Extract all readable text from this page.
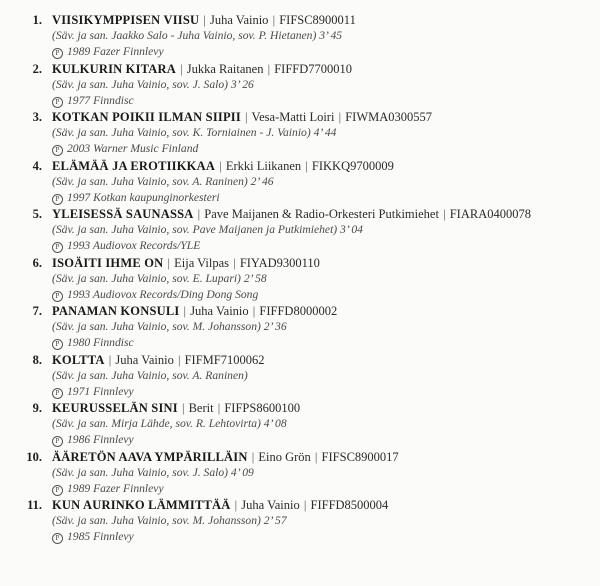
1. VIISIKYMPPISEN VIISU | Juha Vainio | FIFSC8900011
(Säv. ja san. Jaakko Salo - Juha Vainio, sov. P. Hietanen) 3’ 45
P 1989 Fazer Finnlevy
2. KULKURIN KITARA | Jukka Raitanen | FIFFD7700010
(Säv. ja san. Juha Vainio, sov. J. Salo) 3’ 26
P 1977 Finndisc
3. KOTKAN POIKII ILMAN SIIPII | Vesa-Matti Loiri | FIWMA0300557
(Säv. ja san. Juha Vainio, sov. K. Torniainen - J. Vainio) 4’ 44
P 2003 Warner Music Finland
4. ELÄMÄÄ JA EROTIIKKAA | Erkki Liikanen | FIKKQ9700009
(Säv. ja san. Juha Vainio, sov. A. Raninen) 2’ 46
P 1997 Kotkan kaupunginorkesteri
5. YLEISESSÄ SAUNASSA | Pave Maijanen & Radio-Orkesteri Putkimiehet | FIARA0400078
(Säv. ja san. Juha Vainio, sov. Pave Maijanen ja Putkimiehet) 3’ 04
P 1993 Audiovox Records/YLE
6. ISOÄITI IHME ON | Eija Vilpas | FIYAD9300110
(Säv. ja san. Juha Vainio, sov. E. Lupari) 2’ 58
P 1993 Audiovox Records/Ding Dong Song
7. PANAMAN KONSULI | Juha Vainio | FIFFD8000002
(Säv. ja san. Juha Vainio, sov. M. Johansson) 2’ 36
P 1980 Finndisc
8. KOLTTA | Juha Vainio | FIFMF7100062
(Säv. ja san. Juha Vainio, sov. A. Raninen)
P 1971 Finnlevy
9. KEURUSSELÄN SINI | Berit | FIFPS8600100
(Säv. ja san. Mirja Lähde, sov. R. Lehtovirta) 4’ 08
P 1986 Finnlevy
10. ÄÄRETÖN AAVA YMPÄRILLÄIN | Eino Grön | FIFSC8900017
(Säv. ja san. Juha Vainio, sov. J. Salo) 4’ 09
P 1989 Fazer Finnlevy
11. KUN AURINKO LÄMMITTÄÄ | Juha Vainio | FIFFD8500004
(Säv. ja san. Juha Vainio, sov. M. Johansson) 2’ 57
P 1985 Finnlevy
